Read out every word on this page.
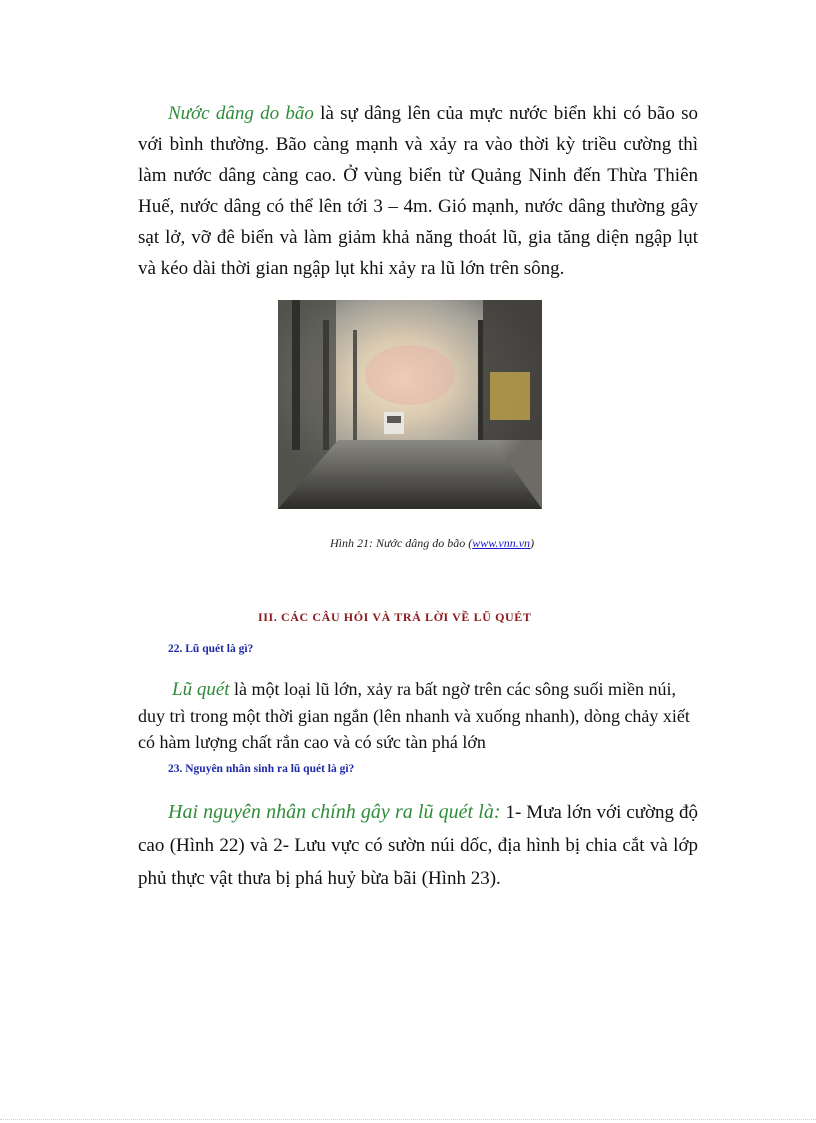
Nước dâng do bão là sự dâng lên của mực nước biển khi có bão so với bình thường. Bão càng mạnh và xảy ra vào thời kỳ triều cường thì làm nước dâng càng cao. Ở vùng biển từ Quảng Ninh đến Thừa Thiên Huế, nước dâng có thể lên tới 3 – 4m. Gió mạnh, nước dâng thường gây sạt lở, vỡ đê biển và làm giảm khả năng thoát lũ, gia tăng diện ngập lụt và kéo dài thời gian ngập lụt khi xảy ra lũ lớn trên sông.

Hình 21: Nước dâng do bão (www.vnn.vn)
III. CÁC CÂU HỎI VÀ TRẢ LỜI VỀ LŨ QUÉT
22. Lũ quét là gì?

Lũ quét là một loại lũ lớn, xảy ra bất ngờ trên các sông suối miền núi, duy trì trong một thời gian ngắn (lên nhanh và xuống nhanh), dòng chảy xiết có hàm lượng chất rắn cao và có sức tàn phá lớn

23. Nguyên nhân sinh ra lũ quét là gì?

Hai nguyên nhân chính gây ra lũ quét là: 1- Mưa lớn với cường độ cao (Hình 22) và 2- Lưu vực có sườn núi dốc, địa hình bị chia cắt và lớp phủ thực vật thưa bị phá huỷ bừa bãi (Hình 23).
